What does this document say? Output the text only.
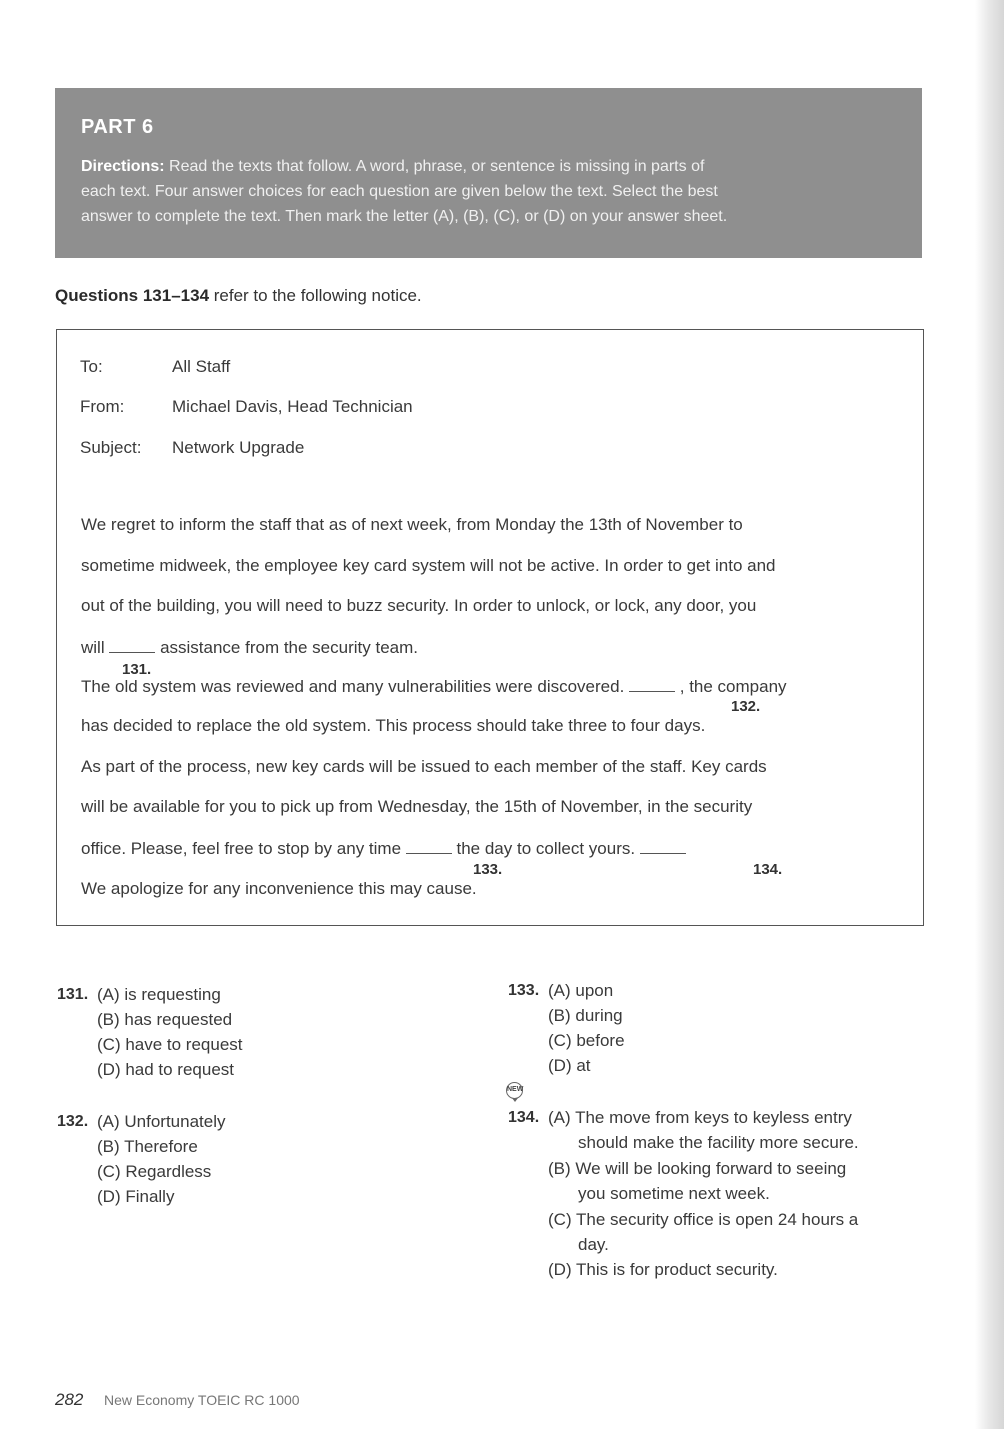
PART 6
Directions: Read the texts that follow. A word, phrase, or sentence is missing in parts of
each text. Four answer choices for each question are given below the text. Select the best
answer to complete the text. Then mark the letter (A), (B), (C), or (D) on your answer sheet.
Questions 131–134 refer to the following notice.
To:	All Staff
From:	Michael Davis, Head Technician
Subject: Network Upgrade
We regret to inform the staff that as of next week, from Monday the 13th of November to
sometime midweek, the employee key card system will not be active. In order to get into and
out of the building, you will need to buzz security. In order to unlock, or lock, any door, you
will	assistance from the security team.
131.
The old system was reviewed and many vulnerabilities were discovered.	, the company
132.
has decided to replace the old system. This process should take three to four days.
As part of the process, new key cards will be issued to each member of the staff. Key cards
will be available for you to pick up from Wednesday, the 15th of November, in the security
office. Please, feel free to stop by any time	the day to collect yours.
133.	134.
We apologize for any inconvenience this may cause.
131. (A) is requesting
(B) has requested
(C) have to request
(D) had to request
132. (A) Unfortunately
(B) Therefore
(C) Regardless
(D) Finally
133. (A) upon
(B) during
(C) before
(D) at
NEW
134. (A) The move from keys to keyless entry
should make the facility more secure.
(B) We will be looking forward to seeing
you sometime next week.
(C) The security office is open 24 hours a
day.
(D) This is for product security.
282 New Economy TOEIC RC 1000
